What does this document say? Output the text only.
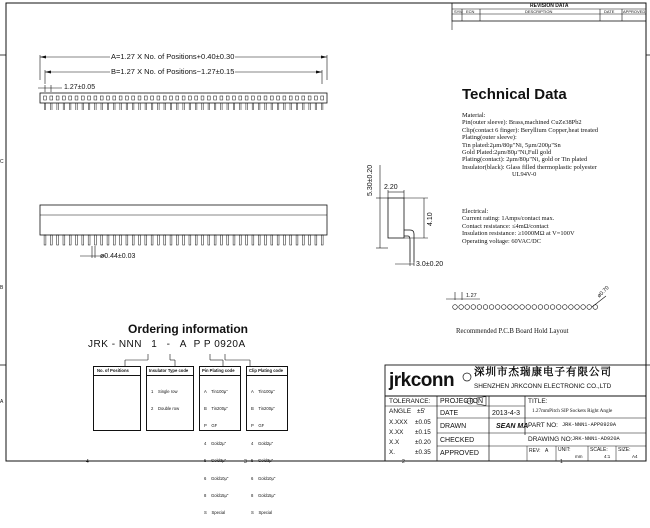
REVISION DATA
SYM ECN	DESCRIPTION	DATE APPROVED
A=1.27 X No. of Positions+0.40±0.30
B=1.27 X No. of Positions−1.27±0.15
1.27±0.05
ø0.44±0.03
5.30±0.20 2.20
4.10
3.0±0.20
1.27	ø0.70
Technical Data
Material:
Pin(outer sleeve): Brass,machined CuZe38Pb2
Clip(contact 6 finger): Beryllium Copper,heat treated
Plating(outer sleeve):
Tin plated:2μm/80μ"Ni, 5μm/200μ"Sn
Gold Plated:2μm/80μ"Ni,Full gold
Plating(contact): 2μm/80μ"Ni, gold or Tin plated
Insulator(black): Glass filled thermoplastic polyester
UL94V-0
Electrical:
Current rating: 1Amps/contact max.
Contact resistance: ≤4mΩ/contact
Insulation resistance: ≥1000MΩ at V=100V
Operating voltage: 60VAC/DC
Recommended P.C.B Board Hold Layout
Ordering information
JRK - NNN 1 - A P P 0920A
No. of Positions	Insulator Type code

1    Single row

2    Double row

Pin Plating code

A    Tin100μ"

B    Tin200μ"

P    GF

4    Gold2μ"

5    Gold3μ"

6    Gold10μ"

8    Gold15μ"

S    Special

Clip Plating code

A    Tin100μ"

B    Tin200μ"

P    GF

4    Gold2μ"

5    Gold3μ"

6    Gold10μ"

8    Gold15μ"

S    Special

jrkconn 深圳市杰瑞康电子有限公司
SHENZHEN JRKCONN ELECTRONIC CO.,LTD
TOLERANCE:
ANGLE ±5'
X.XXX ±0.05
X.XX ±0.15
X.X	±0.20
X.	±0.35
PROJECTON
DATE	2013-4-3
DRAWN	SEAN MA
CHECKED
APPROVED
TITLE:
1.27mmPitch SIP Sockets Right Angle
PART NO: JRK-NNN1-APP0920A
DRAWING NO: JRK-NNN1-AD920A
REV: A UNIT:
mm
SCALE:
4:1
SIZE:
A4
C
B
A
4	3	2	1
